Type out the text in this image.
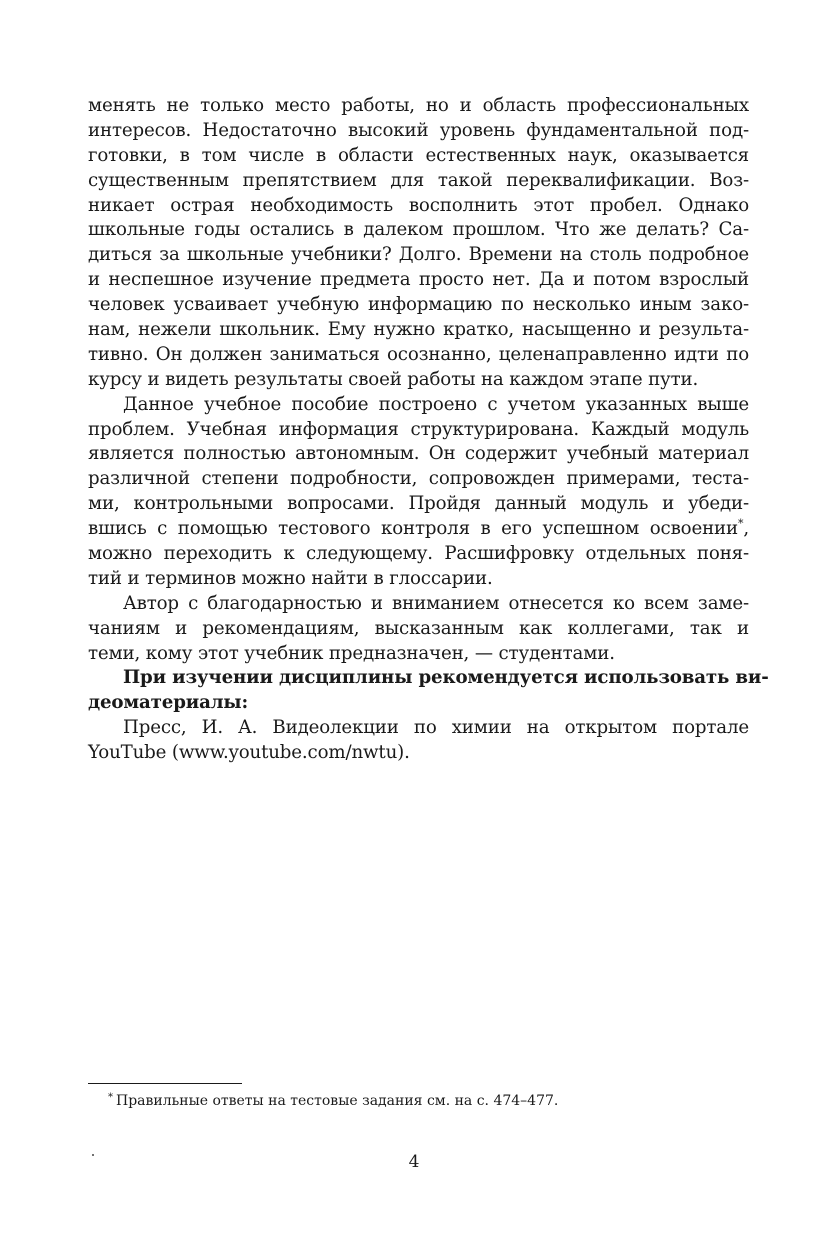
менять не только место работы, но и область профессиональных
интересов. Недостаточно высокий уровень фундаментальной под-
готовки, в том числе в области естественных наук, оказывается
существенным препятствием для такой переквалификации. Воз-
никает острая необходимость восполнить этот пробел. Однако
школьные годы остались в далеком прошлом. Что же делать? Са-
диться за школьные учебники? Долго. Времени на столь подробное
и неспешное изучение предмета просто нет. Да и потом взрослый
человек усваивает учебную информацию по несколько иным зако-
нам, нежели школьник. Ему нужно кратко, насыщенно и результа-
тивно. Он должен заниматься осознанно, целенаправленно идти по
курсу и видеть результаты своей работы на каждом этапе пути.
Данное учебное пособие построено с учетом указанных выше
проблем. Учебная информация структурирована. Каждый модуль
является полностью автономным. Он содержит учебный материал
различной степени подробности, сопровожден примерами, теста-
ми, контрольными вопросами. Пройдя данный модуль и убеди-
вшись с помощью тестового контроля в его успешном освоении*,
можно переходить к следующему. Расшифровку отдельных поня-
тий и терминов можно найти в глоссарии.
Автор с благодарностью и вниманием отнесется ко всем заме-
чаниям и рекомендациям, высказанным как коллегами, так и
теми, кому этот учебник предназначен, — студентами.
При изучении дисциплины рекомендуется использовать ви-
деоматериалы:
Пресс, И. А. Видеолекции по химии на открытом портале
YouTube (www.youtube.com/nwtu).
* Правильные ответы на тестовые задания см. на с. 474–477.
4
